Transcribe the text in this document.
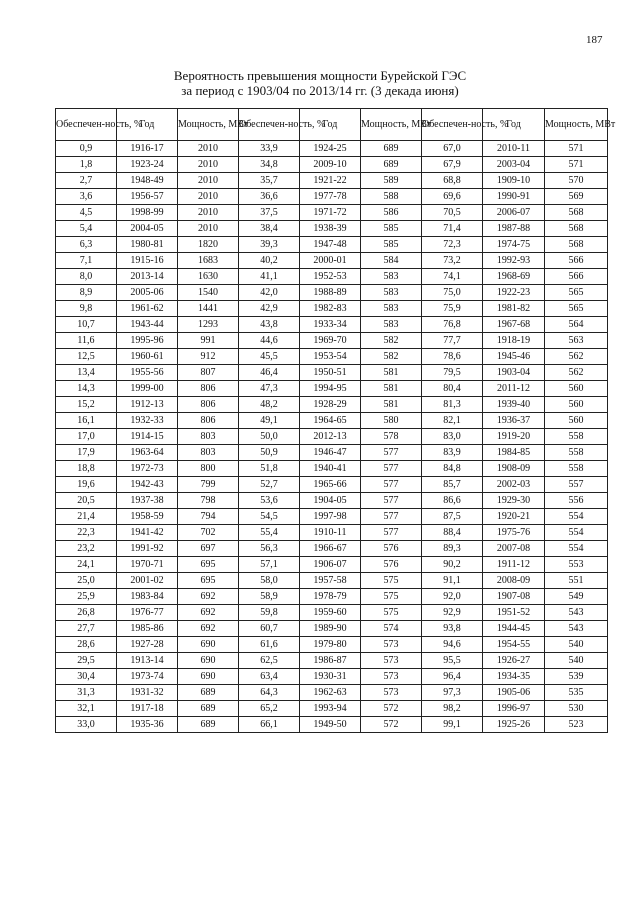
187
Вероятность превышения мощности Бурейской ГЭС
за период с 1903/04 по 2013/14 гг. (3 декада июня)
Обеспечен-ность, %	Год	Мощность, МВт	Обеспечен-ность, %	Год	Мощность, МВт	Обеспечен-ность, %	Год	Мощность, МВт
0,9	1916-17	2010	33,9	1924-25	689	67,0	2010-11	571
1,8	1923-24	2010	34,8	2009-10	689	67,9	2003-04	571
2,7	1948-49	2010	35,7	1921-22	589	68,8	1909-10	570
3,6	1956-57	2010	36,6	1977-78	588	69,6	1990-91	569
4,5	1998-99	2010	37,5	1971-72	586	70,5	2006-07	568
5,4	2004-05	2010	38,4	1938-39	585	71,4	1987-88	568
6,3	1980-81	1820	39,3	1947-48	585	72,3	1974-75	568
7,1	1915-16	1683	40,2	2000-01	584	73,2	1992-93	566
8,0	2013-14	1630	41,1	1952-53	583	74,1	1968-69	566
8,9	2005-06	1540	42,0	1988-89	583	75,0	1922-23	565
9,8	1961-62	1441	42,9	1982-83	583	75,9	1981-82	565
10,7	1943-44	1293	43,8	1933-34	583	76,8	1967-68	564
11,6	1995-96	991	44,6	1969-70	582	77,7	1918-19	563
12,5	1960-61	912	45,5	1953-54	582	78,6	1945-46	562
13,4	1955-56	807	46,4	1950-51	581	79,5	1903-04	562
14,3	1999-00	806	47,3	1994-95	581	80,4	2011-12	560
15,2	1912-13	806	48,2	1928-29	581	81,3	1939-40	560
16,1	1932-33	806	49,1	1964-65	580	82,1	1936-37	560
17,0	1914-15	803	50,0	2012-13	578	83,0	1919-20	558
17,9	1963-64	803	50,9	1946-47	577	83,9	1984-85	558
18,8	1972-73	800	51,8	1940-41	577	84,8	1908-09	558
19,6	1942-43	799	52,7	1965-66	577	85,7	2002-03	557
20,5	1937-38	798	53,6	1904-05	577	86,6	1929-30	556
21,4	1958-59	794	54,5	1997-98	577	87,5	1920-21	554
22,3	1941-42	702	55,4	1910-11	577	88,4	1975-76	554
23,2	1991-92	697	56,3	1966-67	576	89,3	2007-08	554
24,1	1970-71	695	57,1	1906-07	576	90,2	1911-12	553
25,0	2001-02	695	58,0	1957-58	575	91,1	2008-09	551
25,9	1983-84	692	58,9	1978-79	575	92,0	1907-08	549
26,8	1976-77	692	59,8	1959-60	575	92,9	1951-52	543
27,7	1985-86	692	60,7	1989-90	574	93,8	1944-45	543
28,6	1927-28	690	61,6	1979-80	573	94,6	1954-55	540
29,5	1913-14	690	62,5	1986-87	573	95,5	1926-27	540
30,4	1973-74	690	63,4	1930-31	573	96,4	1934-35	539
31,3	1931-32	689	64,3	1962-63	573	97,3	1905-06	535
32,1	1917-18	689	65,2	1993-94	572	98,2	1996-97	530
33,0	1935-36	689	66,1	1949-50	572	99,1	1925-26	523
